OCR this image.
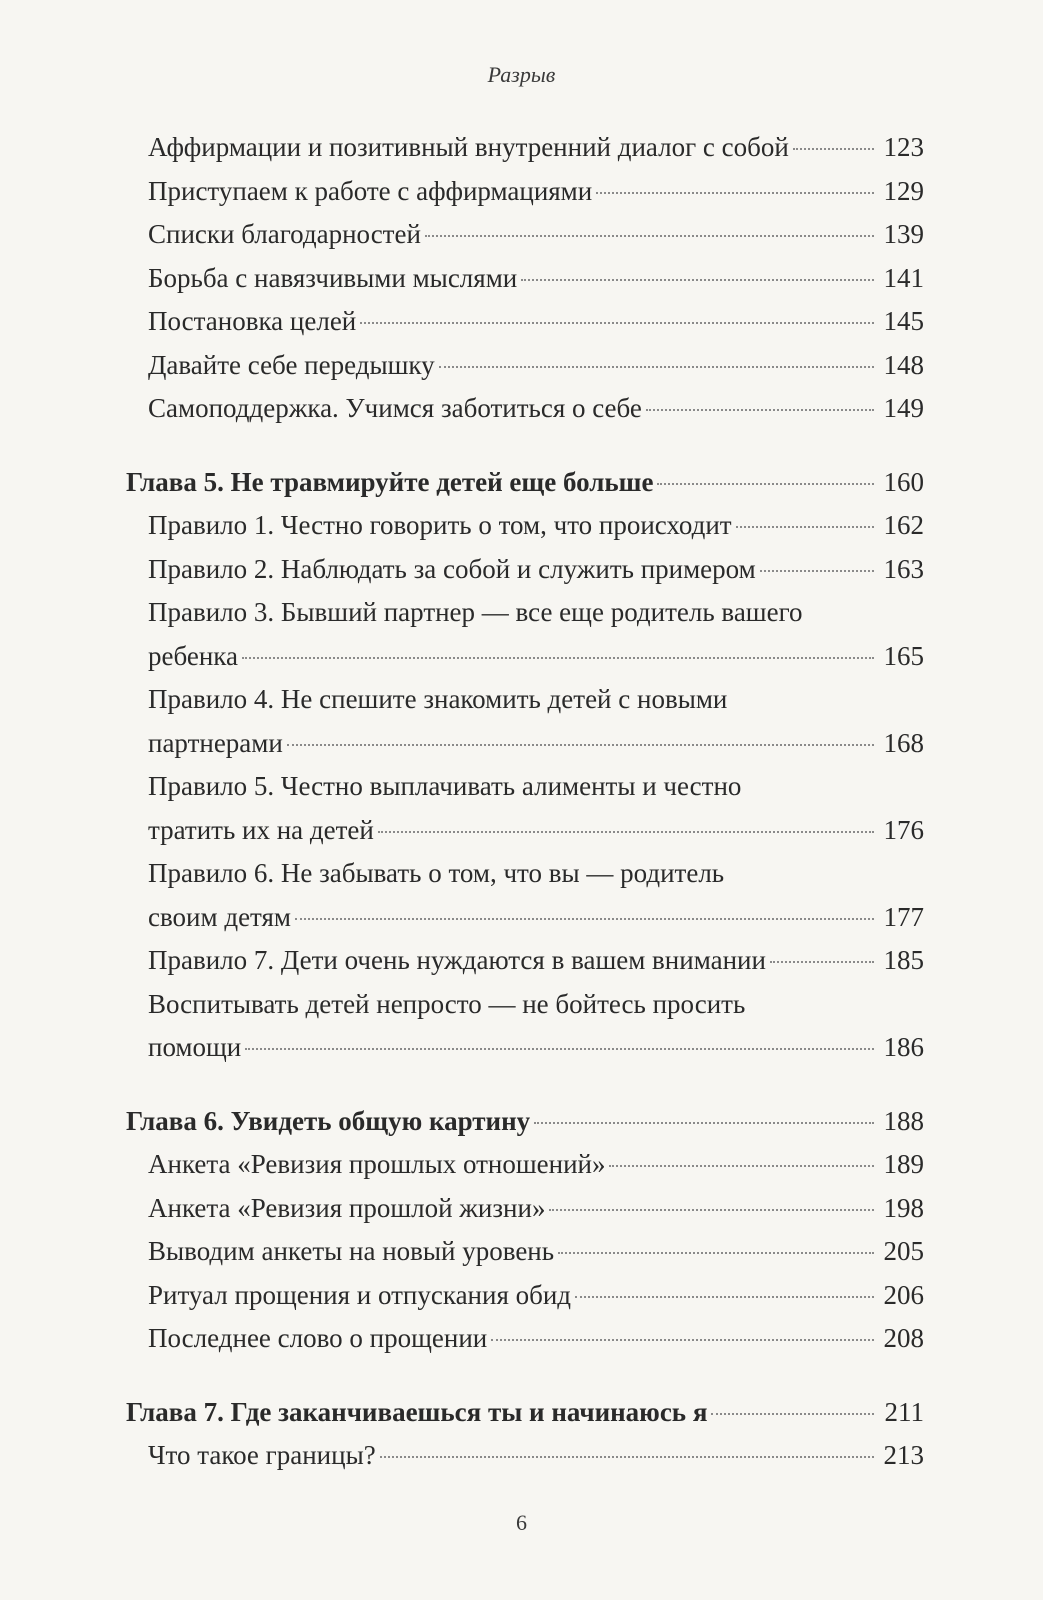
Разрыв
Аффирмации и позитивный внутренний диалог с собой	123
Приступаем к работе с аффирмациями	129
Списки благодарностей	139
Борьба с навязчивыми мыслями	141
Постановка целей	145
Давайте себе передышку	148
Самоподдержка. Учимся заботиться о себе	149
Глава 5. Не травмируйте детей еще больше	160
Правило 1. Честно говорить о том, что происходит	162
Правило 2. Наблюдать за собой и служить примером	163
Правило 3. Бывший партнер — все еще родитель вашего
ребенка	165
Правило 4. Не спешите знакомить детей с новыми
партнерами	168
Правило 5. Честно выплачивать алименты и честно
тратить их на детей	176
Правило 6. Не забывать о том, что вы — родитель
своим детям	177
Правило 7. Дети очень нуждаются в вашем внимании	185
Воспитывать детей непросто — не бойтесь просить
помощи	186
Глава 6. Увидеть общую картину	188
Анкета «Ревизия прошлых отношений»	189
Анкета «Ревизия прошлой жизни»	198
Выводим анкеты на новый уровень	205
Ритуал прощения и отпускания обид	206
Последнее слово о прощении	208
Глава 7. Где заканчиваешься ты и начинаюсь я	211
Что такое границы?	213
6
